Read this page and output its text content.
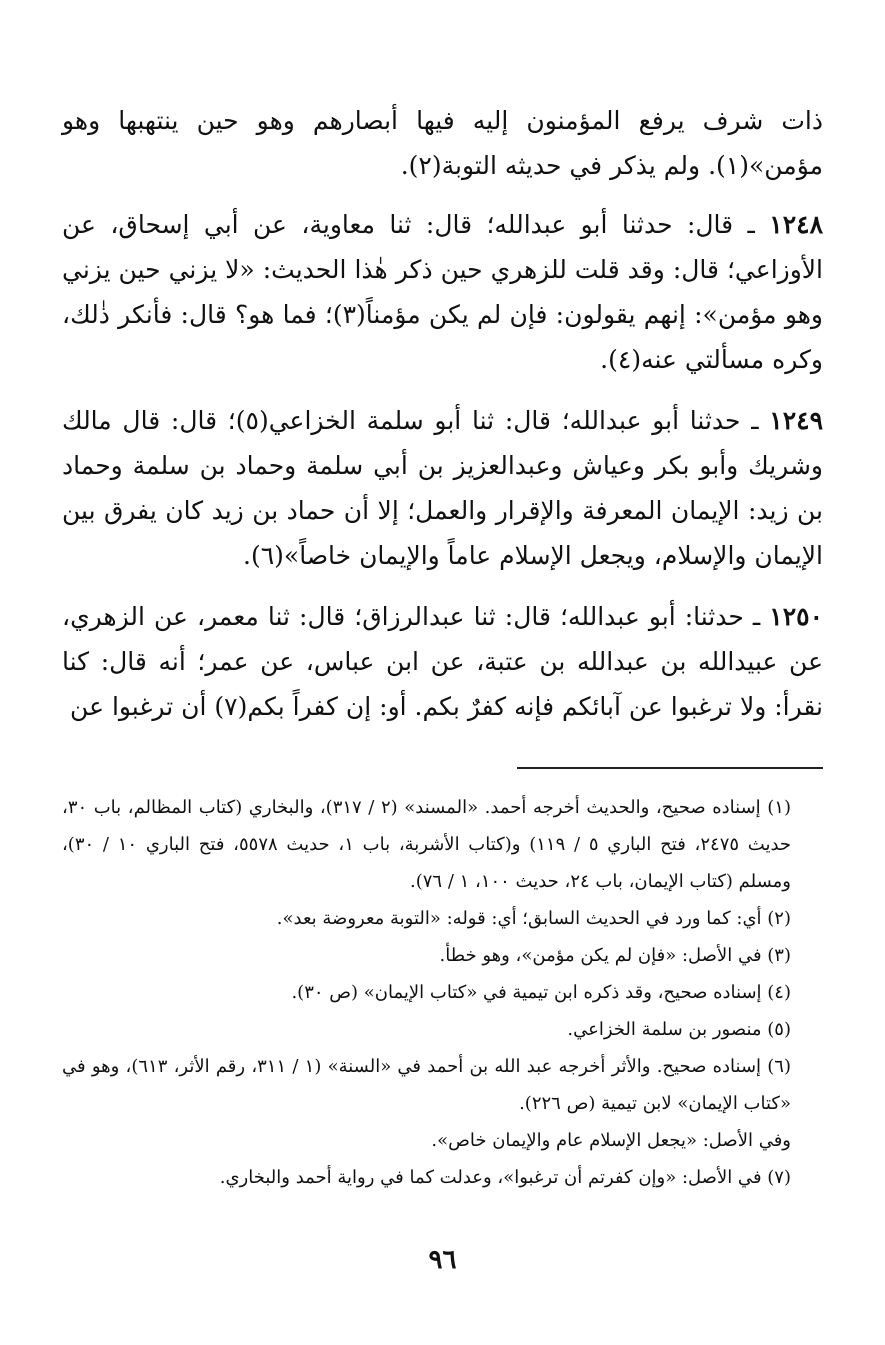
ذات شرف يرفع المؤمنون إليه فيها أبصارهم وهو حين ينتهبها وهو مؤمن»(١). ولم يذكر في حديثه التوبة(٢).

١٢٤٨ ـ قال: حدثنا أبو عبدالله؛ قال: ثنا معاوية، عن أبي إسحاق، عن الأوزاعي؛ قال: وقد قلت للزهري حين ذكر هٰذا الحديث: «لا يزني حين يزني وهو مؤمن»: إنهم يقولون: فإن لم يكن مؤمناً(٣)؛ فما هو؟ قال: فأنكر ذٰلك، وكره مسألتي عنه(٤).

١٢٤٩ ـ حدثنا أبو عبدالله؛ قال: ثنا أبو سلمة الخزاعي(٥)؛ قال: قال مالك وشريك وأبو بكر وعياش وعبدالعزيز بن أبي سلمة وحماد بن سلمة وحماد بن زيد: الإيمان المعرفة والإقرار والعمل؛ إلا أن حماد بن زيد كان يفرق بين الإيمان والإسلام، ويجعل الإسلام عاماً والإيمان خاصاً»(٦).

١٢٥٠ ـ حدثنا: أبو عبدالله؛ قال: ثنا عبدالرزاق؛ قال: ثنا معمر، عن الزهري، عن عبيدالله بن عبدالله بن عتبة، عن ابن عباس، عن عمر؛ أنه قال: كنا نقرأ: ولا ترغبوا عن آبائكم فإنه كفرٌ بكم. أو: إن كفراً بكم(٧) أن ترغبوا عن

(١) إسناده صحيح، والحديث أخرجه أحمد. «المسند» (٢ / ٣١٧)، والبخاري (كتاب المظالم، باب ٣٠، حديث ٢٤٧٥، فتح الباري ٥ / ١١٩) و(كتاب الأشربة، باب ١، حديث ٥٥٧٨، فتح الباري ١٠ / ٣٠)، ومسلم (كتاب الإيمان، باب ٢٤، حديث ١٠٠، ١ / ٧٦).
(٢) أي: كما ورد في الحديث السابق؛ أي: قوله: «التوبة معروضة بعد».
(٣) في الأصل: «فإن لم يكن مؤمن»، وهو خطأ.
(٤) إسناده صحيح، وقد ذكره ابن تيمية في «كتاب الإيمان» (ص ٣٠).
(٥) منصور بن سلمة الخزاعي.
(٦) إسناده صحيح. والأثر أخرجه عبد الله بن أحمد في «السنة» (١ / ٣١١، رقم الأثر، ٦١٣)، وهو في «كتاب الإيمان» لابن تيمية (ص ٢٢٦).
وفي الأصل: «يجعل الإسلام عام والإيمان خاص».
(٧) في الأصل: «وإن كفرتم أن ترغبوا»، وعدلت كما في رواية أحمد والبخاري.
٩٦
